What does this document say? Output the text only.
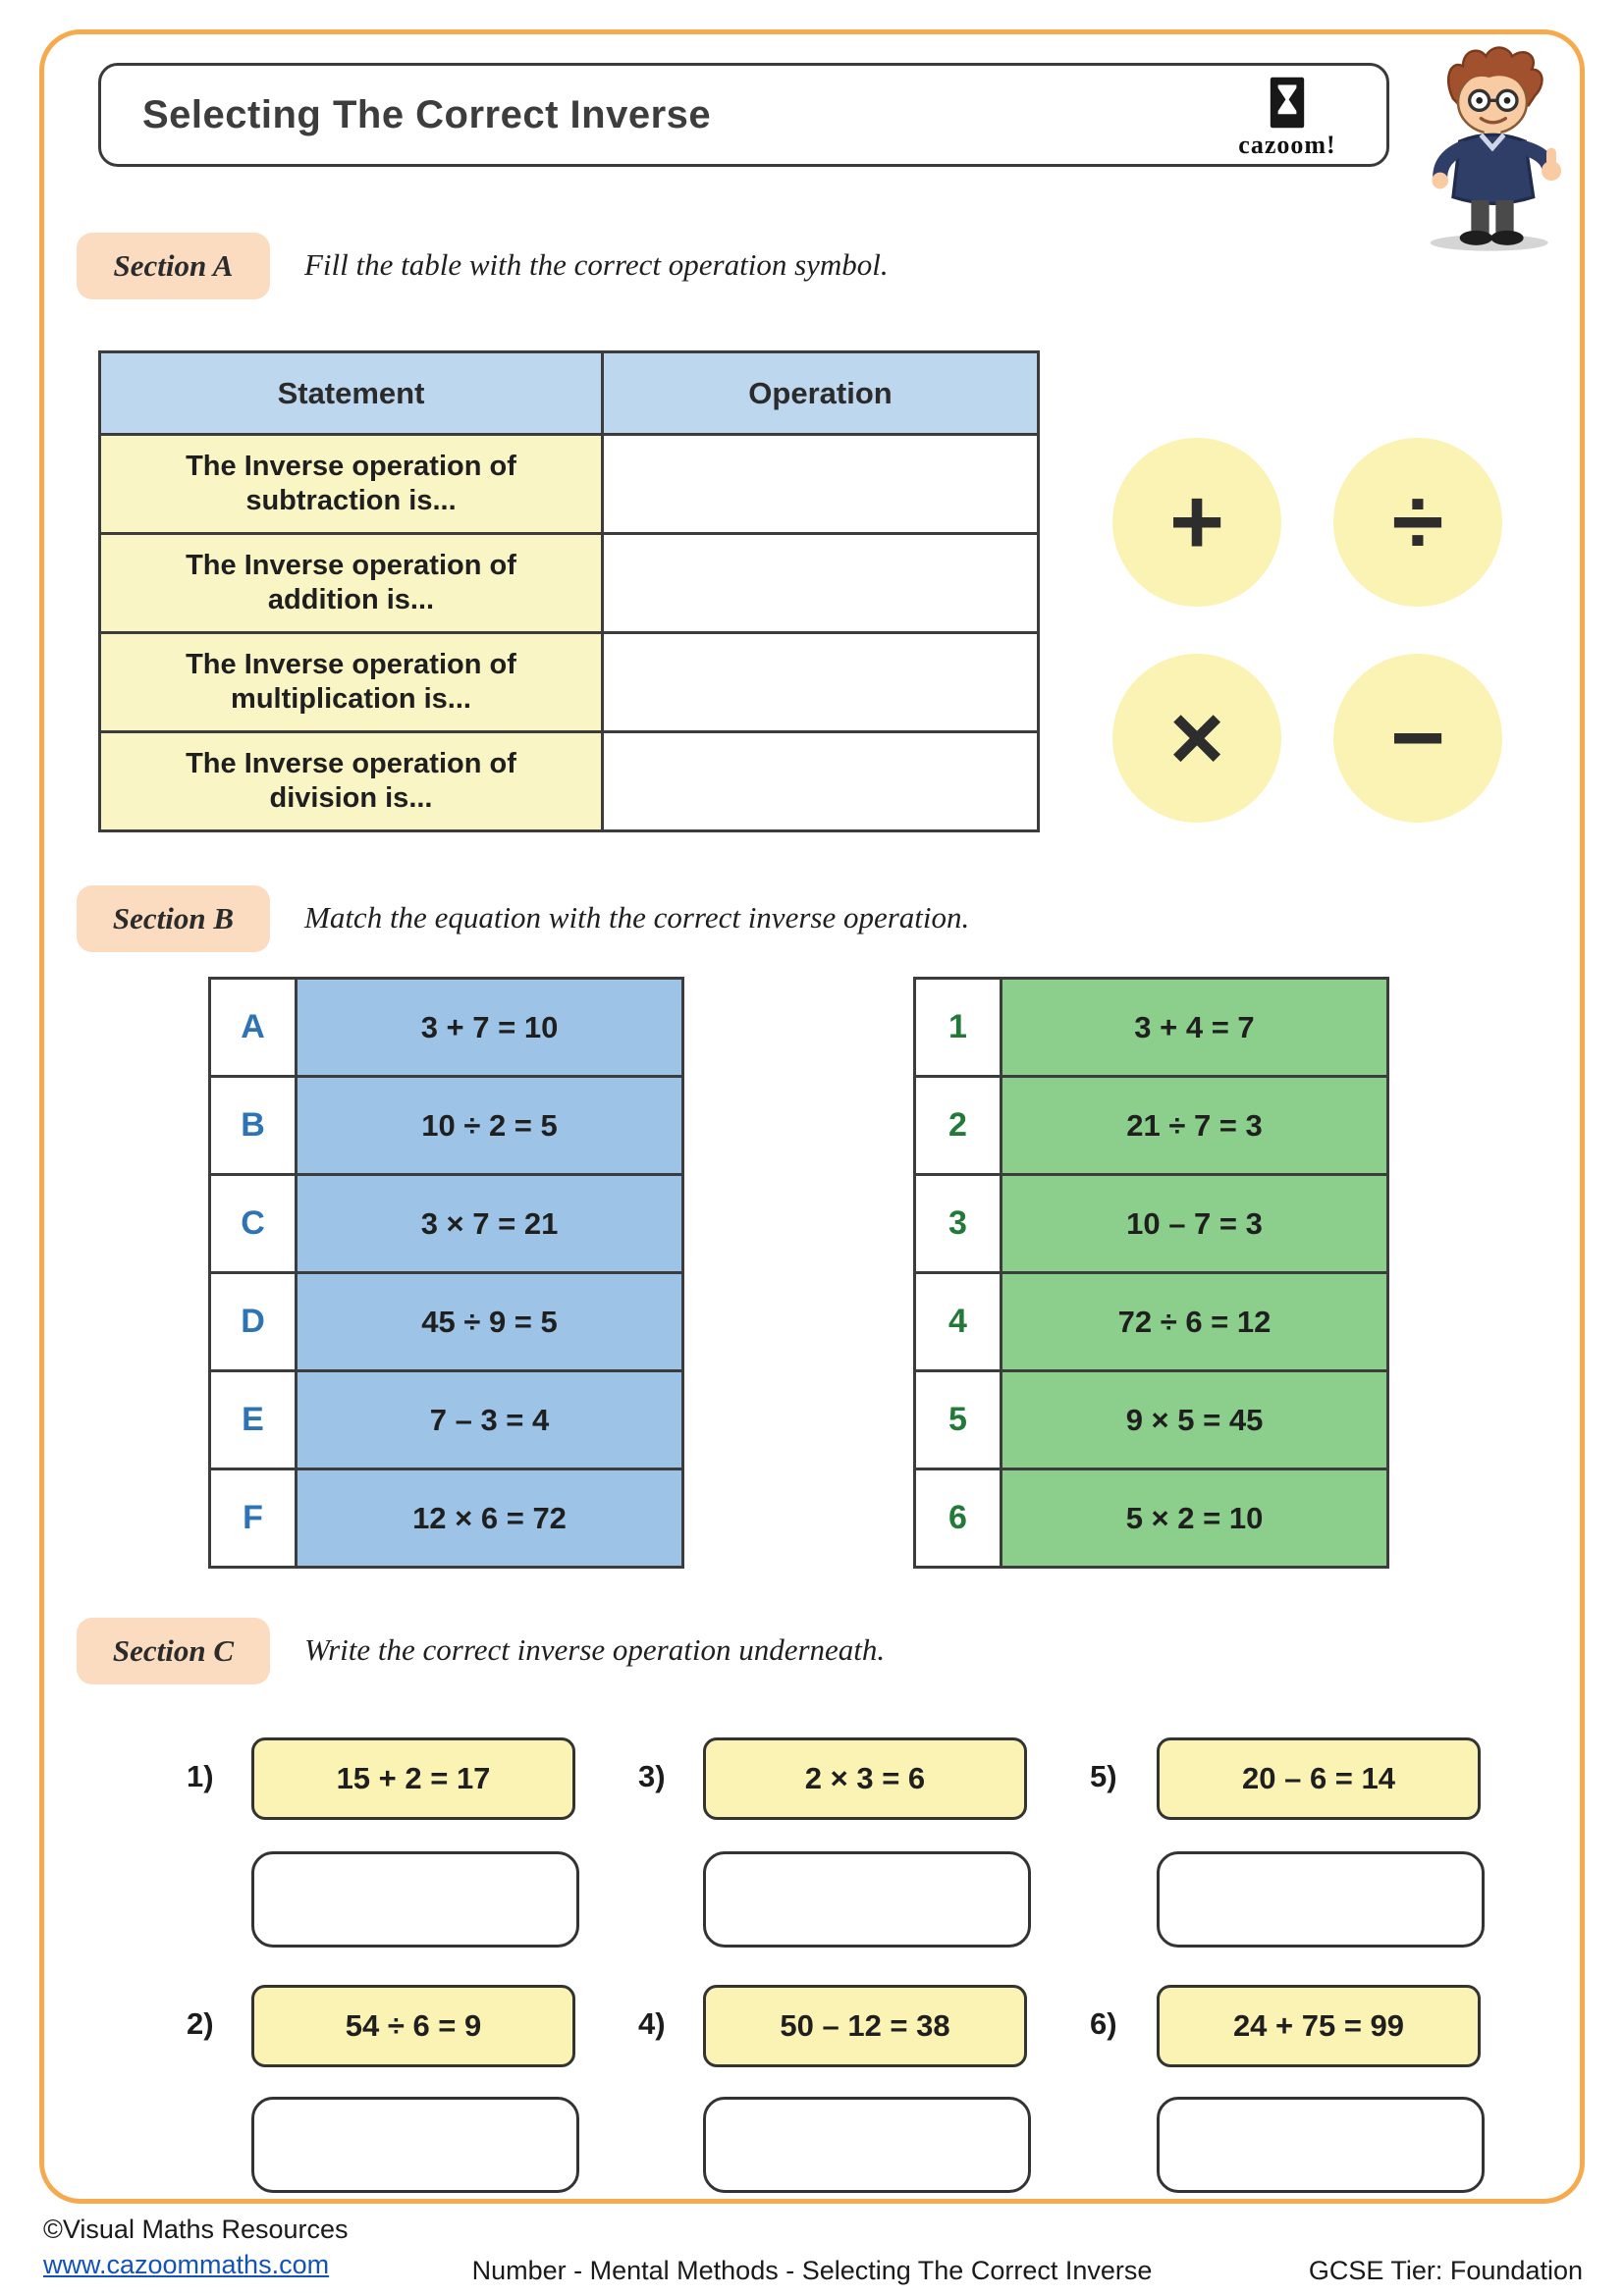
Selecting The Correct Inverse
cazoom!
Section A	Fill the table with the correct operation symbol.
Statement	Operation
The Inverse operation of subtraction is...	
The Inverse operation of addition is...	
The Inverse operation of multiplication is...	
The Inverse operation of division is...	
+	÷
×	−
Section B	Match the equation with the correct inverse operation.
A	3 + 7 = 10
B	10 ÷ 2 = 5
C	3 × 7 = 21
D	45 ÷ 9 = 5
E	7 – 3 = 4
F	12 × 6 = 72
1	3 + 4 = 7
2	21 ÷ 7 = 3
3	10 – 7 = 3
4	72 ÷ 6 = 12
5	9 × 5 = 45
6	5 × 2 = 10
Section C	Write the correct inverse operation underneath.
1)	15 + 2 = 17
2)	54 ÷ 6 = 9
3)	2 × 3 = 6
4)	50 – 12 = 38
5)	20 – 6 = 14
6)	24 + 75 = 99
©Visual Maths Resources
www.cazoommaths.com	Number - Mental Methods - Selecting The Correct Inverse	GCSE Tier: Foundation
